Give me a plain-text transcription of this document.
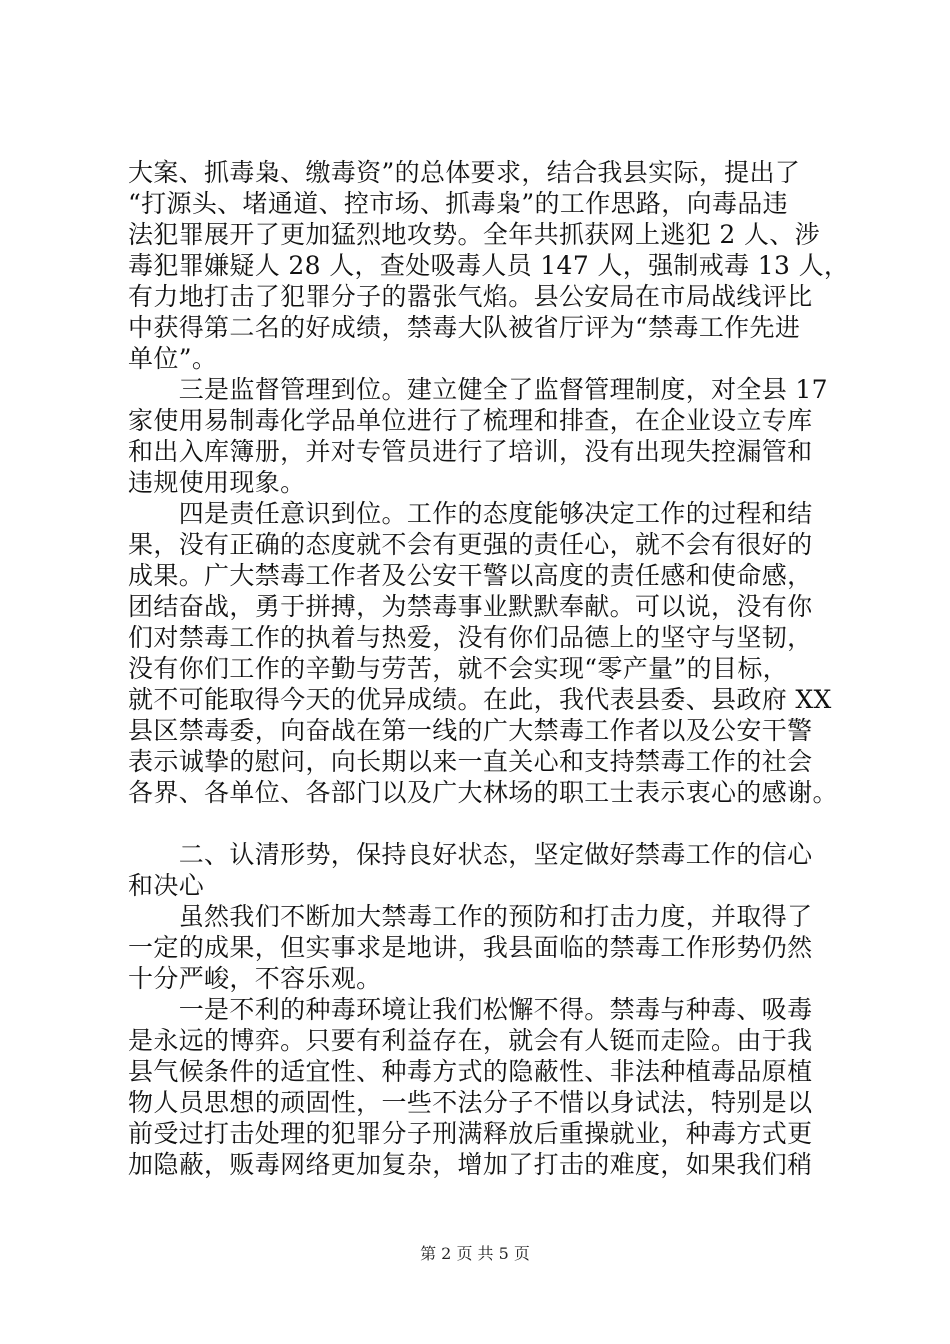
大案、抓毒枭、缴毒资”的总体要求，结合我县实际，提出了
“打源头、堵通道、控市场、抓毒枭”的工作思路，向毒品违
法犯罪展开了更加猛烈地攻势。全年共抓获网上逃犯 2 人、涉
毒犯罪嫌疑人 28 人，查处吸毒人员 147 人，强制戒毒 13 人，
有力地打击了犯罪分子的嚣张气焰。县公安局在市局战线评比
中获得第二名的好成绩，禁毒大队被省厅评为“禁毒工作先进
单位”。
　　三是监督管理到位。建立健全了监督管理制度，对全县 17
家使用易制毒化学品单位进行了梳理和排查，在企业设立专库
和出入库簿册，并对专管员进行了培训，没有出现失控漏管和
违规使用现象。
　　四是责任意识到位。工作的态度能够决定工作的过程和结
果，没有正确的态度就不会有更强的责任心，就不会有很好的
成果。广大禁毒工作者及公安干警以高度的责任感和使命感，
团结奋战，勇于拼搏，为禁毒事业默默奉献。可以说，没有你
们对禁毒工作的执着与热爱，没有你们品德上的坚守与坚韧，
没有你们工作的辛勤与劳苦，就不会实现“零产量”的目标，
就不可能取得今天的优异成绩。在此，我代表县委、县政府 XX
县区禁毒委，向奋战在第一线的广大禁毒工作者以及公安干警
表示诚挚的慰问，向长期以来一直关心和支持禁毒工作的社会
各界、各单位、各部门以及广大林场的职工士表示衷心的感谢。
　　二、认清形势，保持良好状态，坚定做好禁毒工作的信心
和决心
　　虽然我们不断加大禁毒工作的预防和打击力度，并取得了
一定的成果，但实事求是地讲，我县面临的禁毒工作形势仍然
十分严峻，不容乐观。
　　一是不利的种毒环境让我们松懈不得。禁毒与种毒、吸毒
是永远的博弈。只要有利益存在，就会有人铤而走险。由于我
县气候条件的适宜性、种毒方式的隐蔽性、非法种植毒品原植
物人员思想的顽固性，一些不法分子不惜以身试法，特别是以
前受过打击处理的犯罪分子刑满释放后重操就业，种毒方式更
加隐蔽，贩毒网络更加复杂，增加了打击的难度，如果我们稍
第 2 页 共 5 页
